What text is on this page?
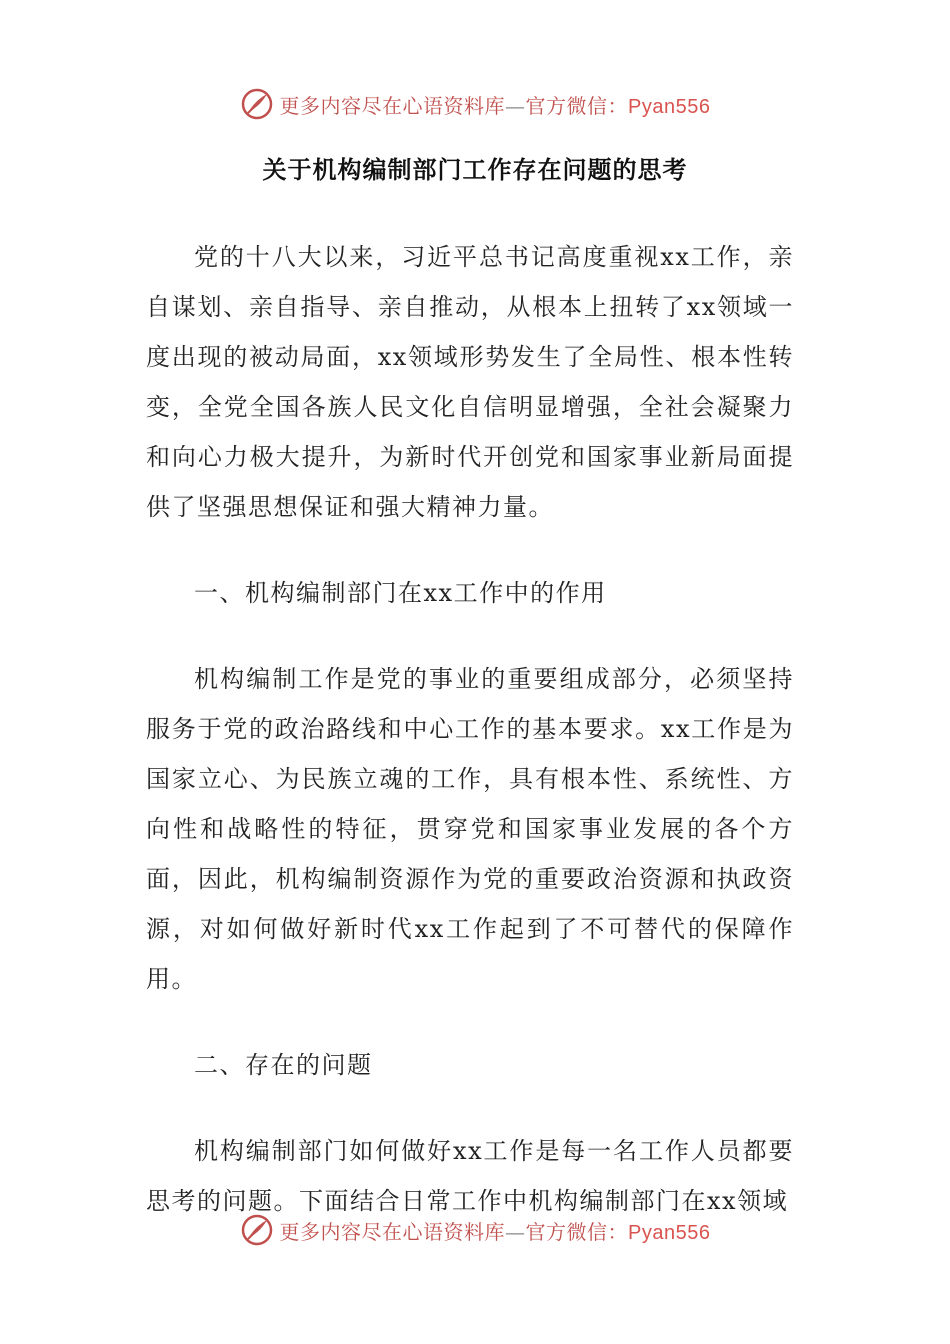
更多内容尽在心语资料库—官方微信：Pyan556
关于机构编制部门工作存在问题的思考

党的十八大以来，习近平总书记高度重视xx工作，亲自谋划、亲自指导、亲自推动，从根本上扭转了xx领域一度出现的被动局面，xx领域形势发生了全局性、根本性转变，全党全国各族人民文化自信明显增强，全社会凝聚力和向心力极大提升，为新时代开创党和国家事业新局面提供了坚强思想保证和强大精神力量。

一、机构编制部门在xx工作中的作用

机构编制工作是党的事业的重要组成部分，必须坚持服务于党的政治路线和中心工作的基本要求。xx工作是为国家立心、为民族立魂的工作，具有根本性、系统性、方向性和战略性的特征，贯穿党和国家事业发展的各个方面，因此，机构编制资源作为党的重要政治资源和执政资源，对如何做好新时代xx工作起到了不可替代的保障作用。

二、存在的问题

机构编制部门如何做好xx工作是每一名工作人员都要思考的问题。下面结合日常工作中机构编制部门在xx领域

更多内容尽在心语资料库—官方微信：Pyan556
